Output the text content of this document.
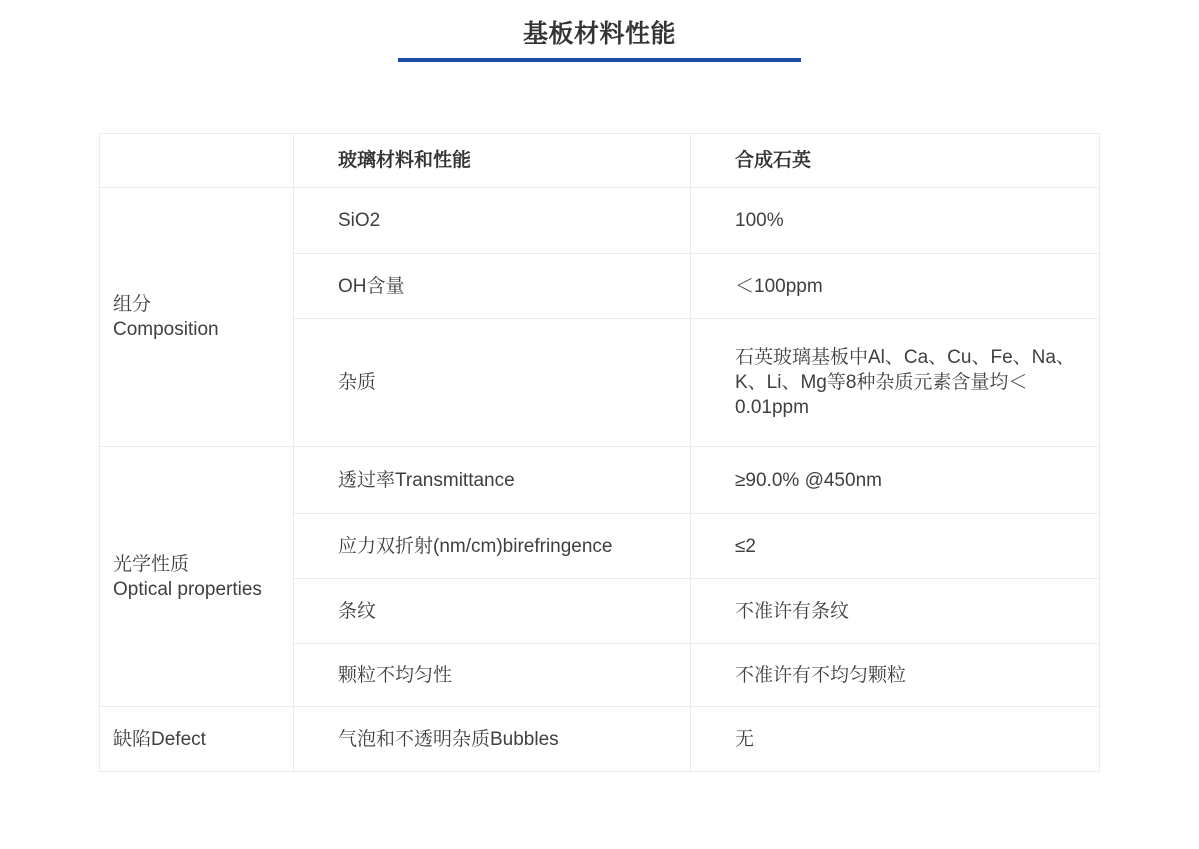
基板材料性能
	玻璃材料和性能	合成石英

组分
Composition	SiO2	100%
	OH含量	＜100ppm
	杂质	石英玻璃基板中Al、Ca、Cu、Fe、Na、K、Li、Mg等8种杂质元素含量均＜0.01ppm

光学性质
Optical properties	透过率Transmittance	≥90.0% @450nm
	应力双折射(nm/cm)birefringence	≤2
	条纹	不准许有条纹
	颗粒不均匀性	不准许有不均匀颗粒

缺陷Defect	气泡和不透明杂质Bubbles	无
